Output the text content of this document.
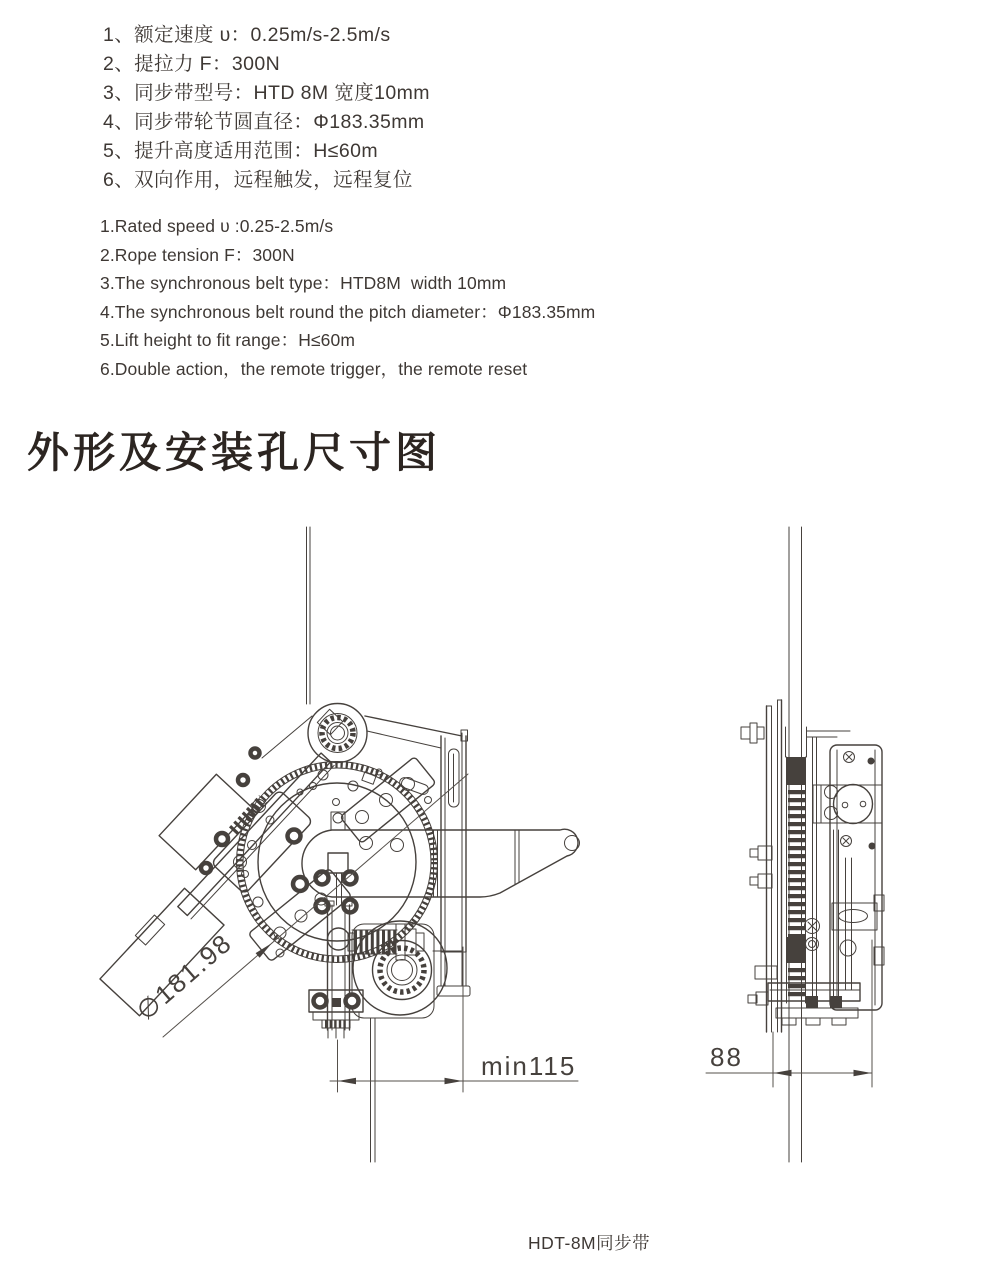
1、额定速度 υ：0.25m/s-2.5m/s
2、提拉力 F：300N
3、同步带型号：HTD 8M 宽度10mm
4、同步带轮节圆直径：Φ183.35mm
5、提升高度适用范围：H≤60m
6、双向作用，远程触发，远程复位
1.Rated speed υ :0.25-2.5m/s
2.Rope tension F：300N
3.The synchronous belt type：HTD8M  width 10mm
4.The synchronous belt round the pitch diameter：Φ183.35mm
5.Lift height to fit range：H≤60m
6.Double action，the remote trigger，the remote reset
外形及安装孔尺寸图
∅181.98
min115	88
HDT-8M同步带
